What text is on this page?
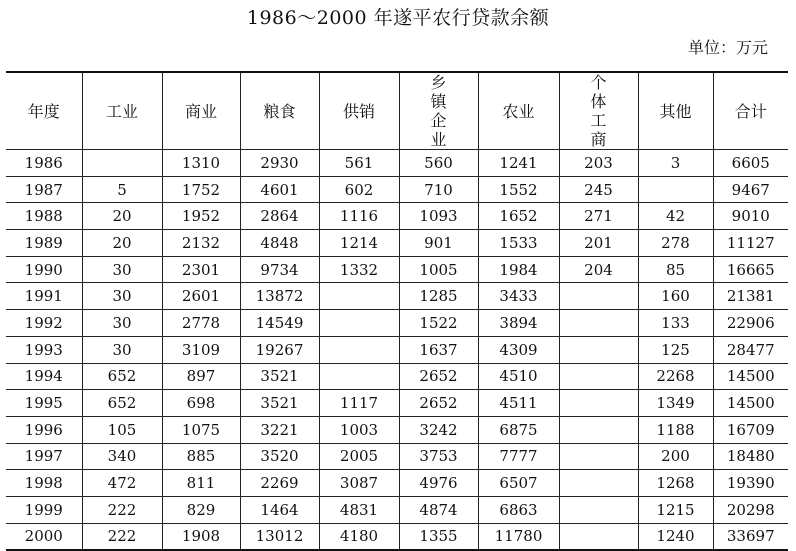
1986～2000 年遂平农行贷款余额
单位：万元
年度	工业	商业	粮食	供销	乡镇企业	农业	个体工商	其他	合计
1986		1310	2930	561	560	1241	203	3	6605
1987	5	1752	4601	602	710	1552	245		9467
1988	20	1952	2864	1116	1093	1652	271	42	9010
1989	20	2132	4848	1214	901	1533	201	278	11127
1990	30	2301	9734	1332	1005	1984	204	85	16665
1991	30	2601	13872		1285	3433		160	21381
1992	30	2778	14549		1522	3894		133	22906
1993	30	3109	19267		1637	4309		125	28477
1994	652	897	3521		2652	4510		2268	14500
1995	652	698	3521	1117	2652	4511		1349	14500
1996	105	1075	3221	1003	3242	6875		1188	16709
1997	340	885	3520	2005	3753	7777		200	18480
1998	472	811	2269	3087	4976	6507		1268	19390
1999	222	829	1464	4831	4874	6863		1215	20298
2000	222	1908	13012	4180	1355	11780		1240	33697
